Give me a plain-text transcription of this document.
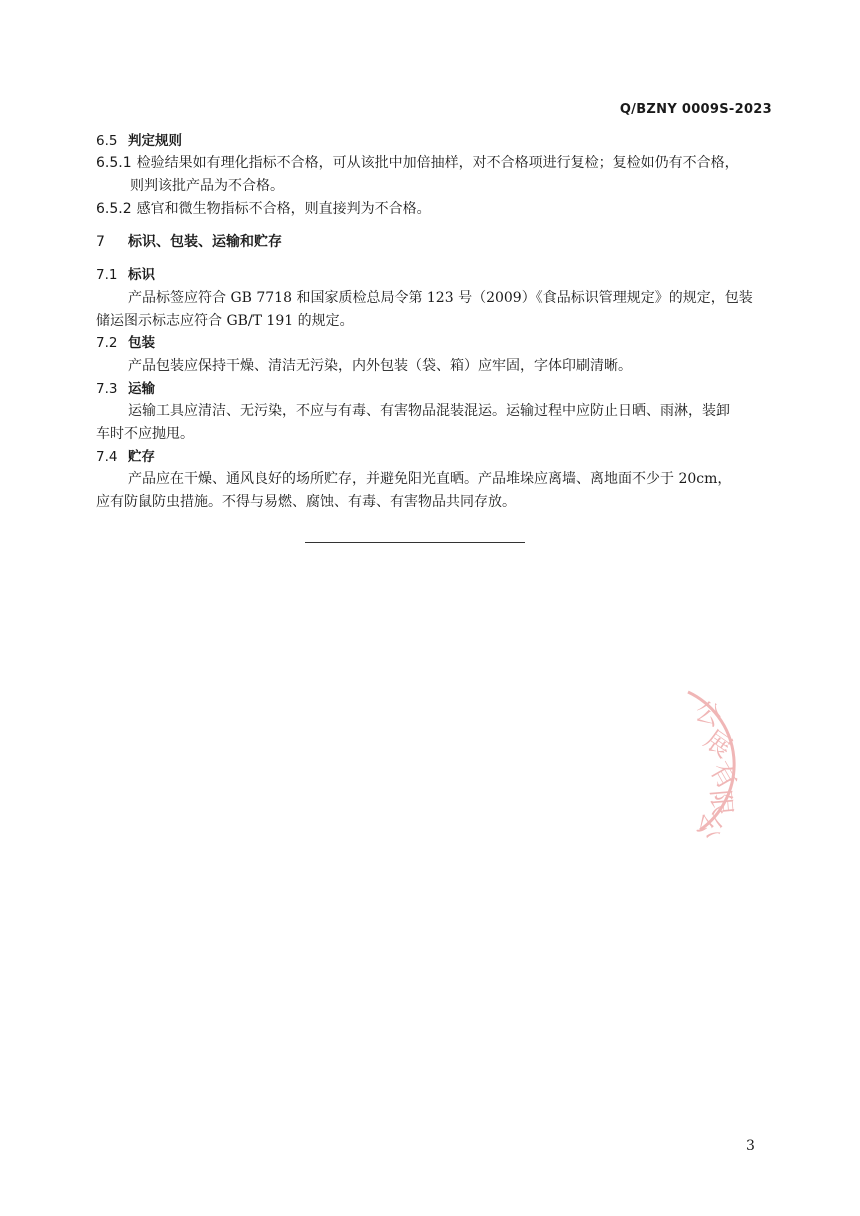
Q/BZNY 0009S-2023
6.5 判定规则
6.5.1 检验结果如有理化指标不合格，可从该批中加倍抽样，对不合格项进行复检；复检如仍有不合格，
则判该批产品为不合格。
6.5.2 感官和微生物指标不合格，则直接判为不合格。
7 标识、包装、运输和贮存
7.1 标识
产品标签应符合 GB 7718 和国家质检总局令第 123 号（2009）《食品标识管理规定》的规定，包装
储运图示标志应符合 GB/T 191 的规定。
7.2 包装
产品包装应保持干燥、清洁无污染，内外包装（袋、箱）应牢固，字体印刷清晰。
7.3 运输
运输工具应清洁、无污染，不应与有毒、有害物品混装混运。运输过程中应防止日晒、雨淋，装卸
车时不应抛甩。
7.4 贮存
产品应在干燥、通风良好的场所贮存，并避免阳光直晒。产品堆垛应离墙、离地面不少于 20cm，
应有防鼠防虫措施。不得与易燃、腐蚀、有毒、有害物品共同存放。
公
展
有
限
公
3
